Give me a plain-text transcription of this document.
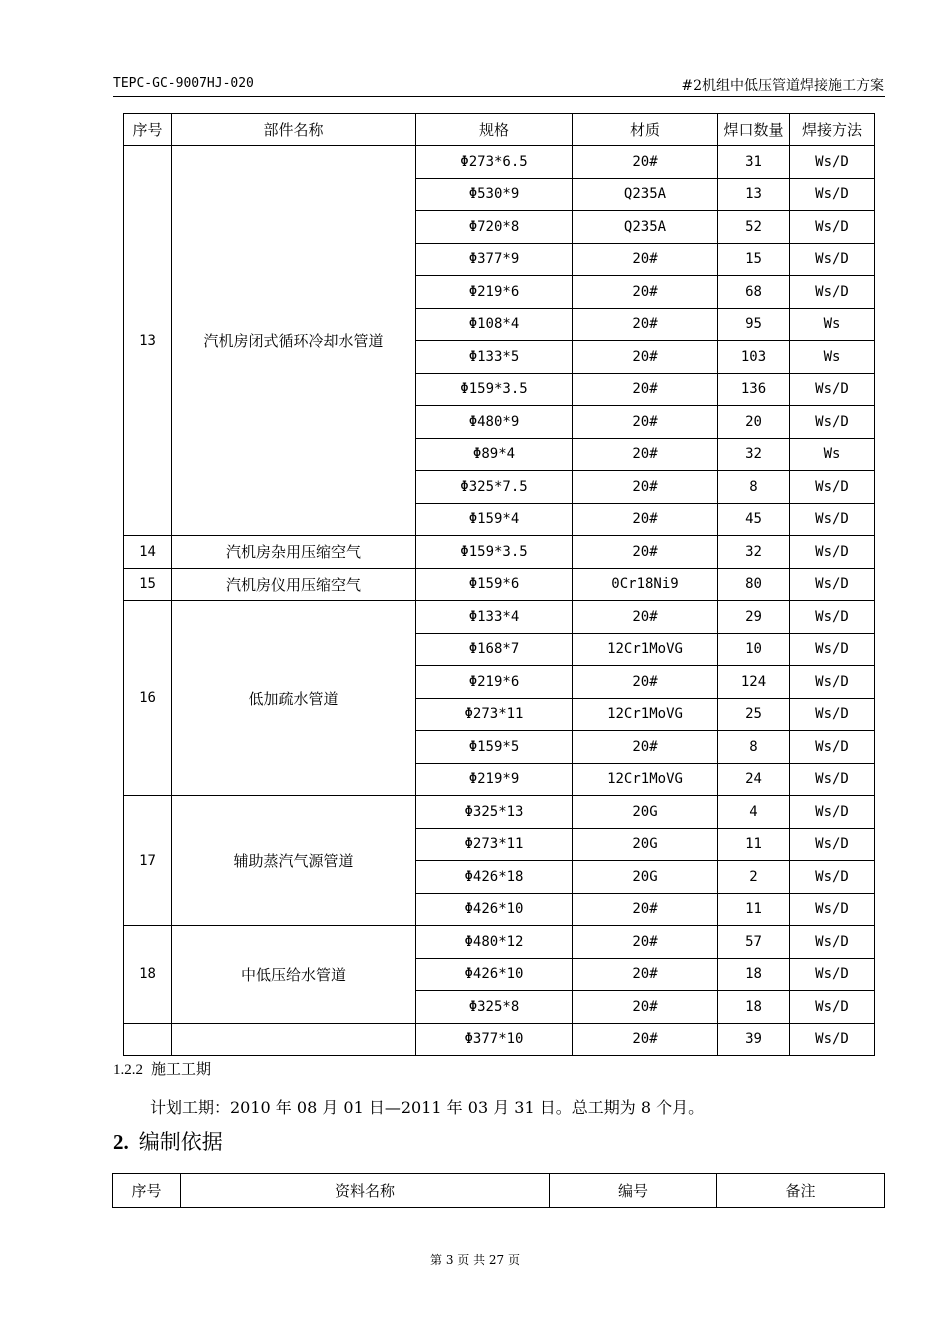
TEPC-GC-9007HJ-020	#2机组中低压管道焊接施工方案
序号	部件名称	规格	材质	焊口数量	焊接方法
13	汽机房闭式循环冷却水管道	Φ273*6.5	20#	31	Ws/D
		Φ530*9	Q235A	13	Ws/D
		Φ720*8	Q235A	52	Ws/D
		Φ377*9	20#	15	Ws/D
		Φ219*6	20#	68	Ws/D
		Φ108*4	20#	95	Ws
		Φ133*5	20#	103	Ws
		Φ159*3.5	20#	136	Ws/D
		Φ480*9	20#	20	Ws/D
		Φ89*4	20#	32	Ws
		Φ325*7.5	20#	8	Ws/D
		Φ159*4	20#	45	Ws/D
14	汽机房杂用压缩空气	Φ159*3.5	20#	32	Ws/D
15	汽机房仪用压缩空气	Φ159*6	0Cr18Ni9	80	Ws/D
16	低加疏水管道	Φ133*4	20#	29	Ws/D
		Φ168*7	12Cr1MoVG	10	Ws/D
		Φ219*6	20#	124	Ws/D
		Φ273*11	12Cr1MoVG	25	Ws/D
		Φ159*5	20#	8	Ws/D
		Φ219*9	12Cr1MoVG	24	Ws/D
17	辅助蒸汽气源管道	Φ325*13	20G	4	Ws/D
		Φ273*11	20G	11	Ws/D
		Φ426*18	20G	2	Ws/D
		Φ426*10	20#	11	Ws/D
18	中低压给水管道	Φ480*12	20#	57	Ws/D
		Φ426*10	20#	18	Ws/D
		Φ325*8	20#	18	Ws/D
		Φ377*10	20#	39	Ws/D
1.2.2 施工工期
计划工期：2010 年 08 月 01 日—2011 年 03 月 31 日。总工期为 8 个月。
2. 编制依据
序号	资料名称	编号	备注
第 3 页 共 27 页
